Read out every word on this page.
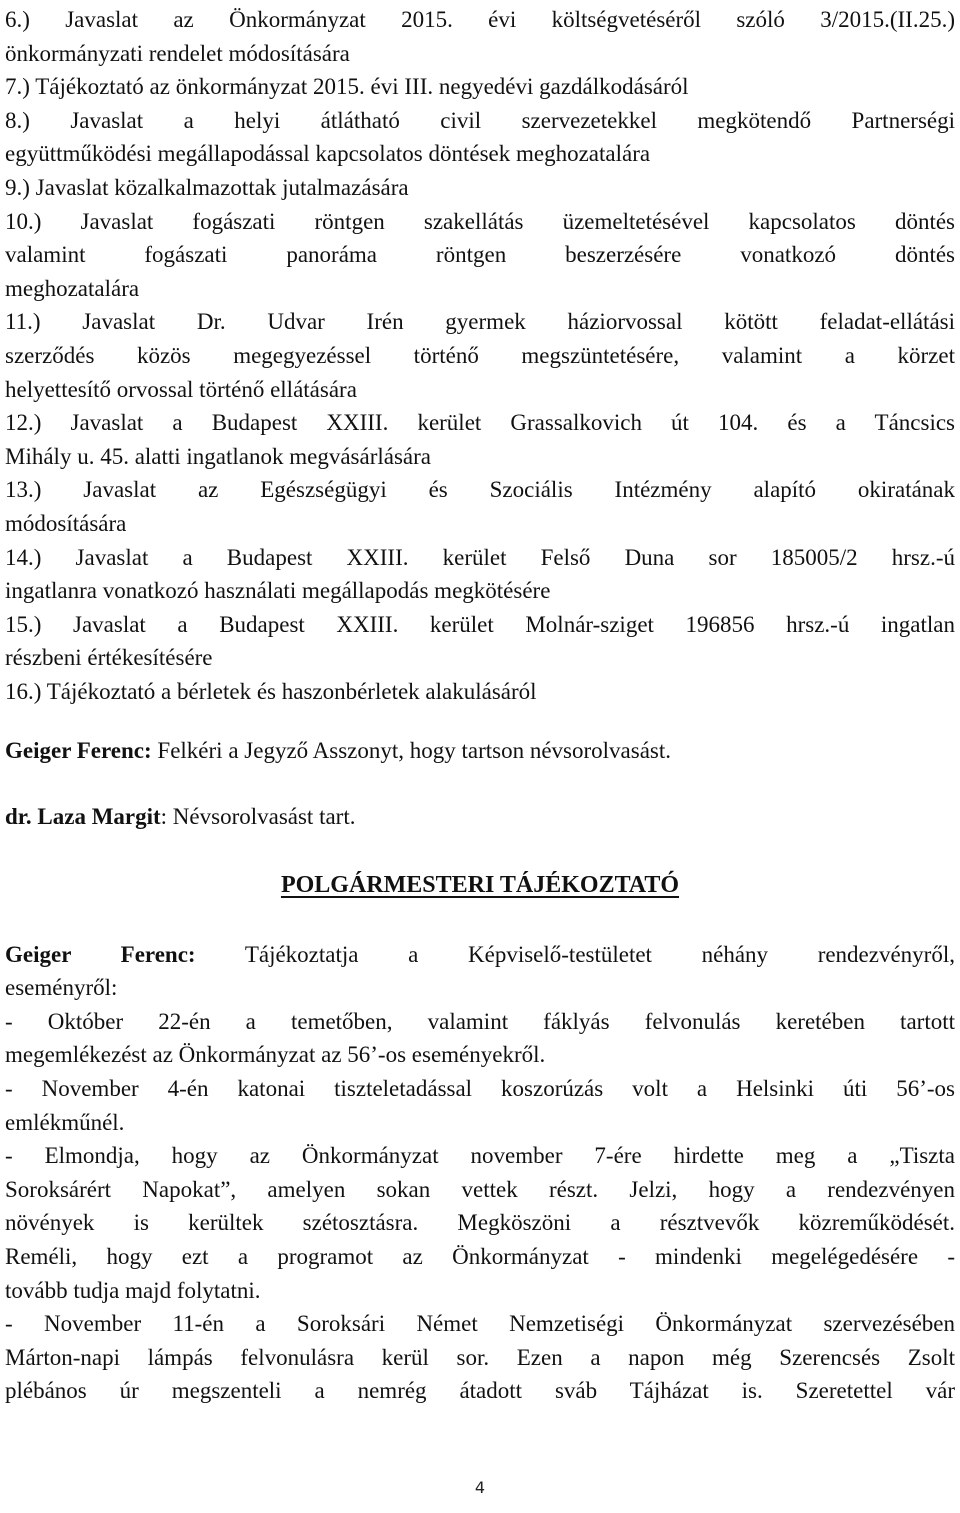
6.) Javaslat az Önkormányzat 2015. évi költségvetéséről szóló 3/2015.(II.25.)
önkormányzati rendelet módosítására
7.) Tájékoztató az önkormányzat 2015. évi III. negyedévi gazdálkodásáról
8.) Javaslat a helyi átlátható civil szervezetekkel megkötendő Partnerségi
együttműködési megállapodással kapcsolatos döntések meghozatalára
9.) Javaslat közalkalmazottak jutalmazására
10.) Javaslat fogászati röntgen szakellátás üzemeltetésével kapcsolatos döntés
valamint fogászati panoráma röntgen beszerzésére vonatkozó döntés
meghozatalára
11.) Javaslat Dr. Udvar Irén gyermek háziorvossal kötött feladat-ellátási
szerződés közös megegyezéssel történő megszüntetésére, valamint a körzet
helyettesítő orvossal történő ellátására
12.) Javaslat a Budapest XXIII. kerület Grassalkovich út 104. és a Táncsics
Mihály u. 45. alatti ingatlanok megvásárlására
13.) Javaslat az Egészségügyi és Szociális Intézmény alapító okiratának
módosítására
14.) Javaslat a Budapest XXIII. kerület Felső Duna sor 185005/2 hrsz.-ú
ingatlanra vonatkozó használati megállapodás megkötésére
15.) Javaslat a Budapest XXIII. kerület Molnár-sziget 196856 hrsz.-ú ingatlan
részbeni értékesítésére
16.) Tájékoztató a bérletek és haszonbérletek alakulásáról
Geiger Ferenc: Felkéri a Jegyző Asszonyt, hogy tartson névsorolvasást.
dr. Laza Margit: Névsorolvasást tart.
POLGÁRMESTERI TÁJÉKOZTATÓ
Geiger Ferenc: Tájékoztatja a Képviselő-testületet néhány rendezvényről,
eseményről:
- Október 22-én a temetőben, valamint fáklyás felvonulás keretében tartott
megemlékezést az Önkormányzat az 56’-os eseményekről.
- November 4-én katonai tiszteletadással koszorúzás volt a Helsinki úti 56’-os
emlékműnél.
- Elmondja, hogy az Önkormányzat november 7-ére hirdette meg a „Tiszta
Soroksárért Napokat”, amelyen sokan vettek részt. Jelzi, hogy a rendezvényen
növények is kerültek szétosztásra. Megköszöni a résztvevők közreműködését.
Reméli, hogy ezt a programot az Önkormányzat - mindenki megelégedésére -
tovább tudja majd folytatni.
- November 11-én a Soroksári Német Nemzetiségi Önkormányzat szervezésében
Márton-napi lámpás felvonulásra kerül sor. Ezen a napon még Szerencsés Zsolt
plébános úr megszenteli a nemrég átadott sváb Tájházat is. Szeretettel vár
4
